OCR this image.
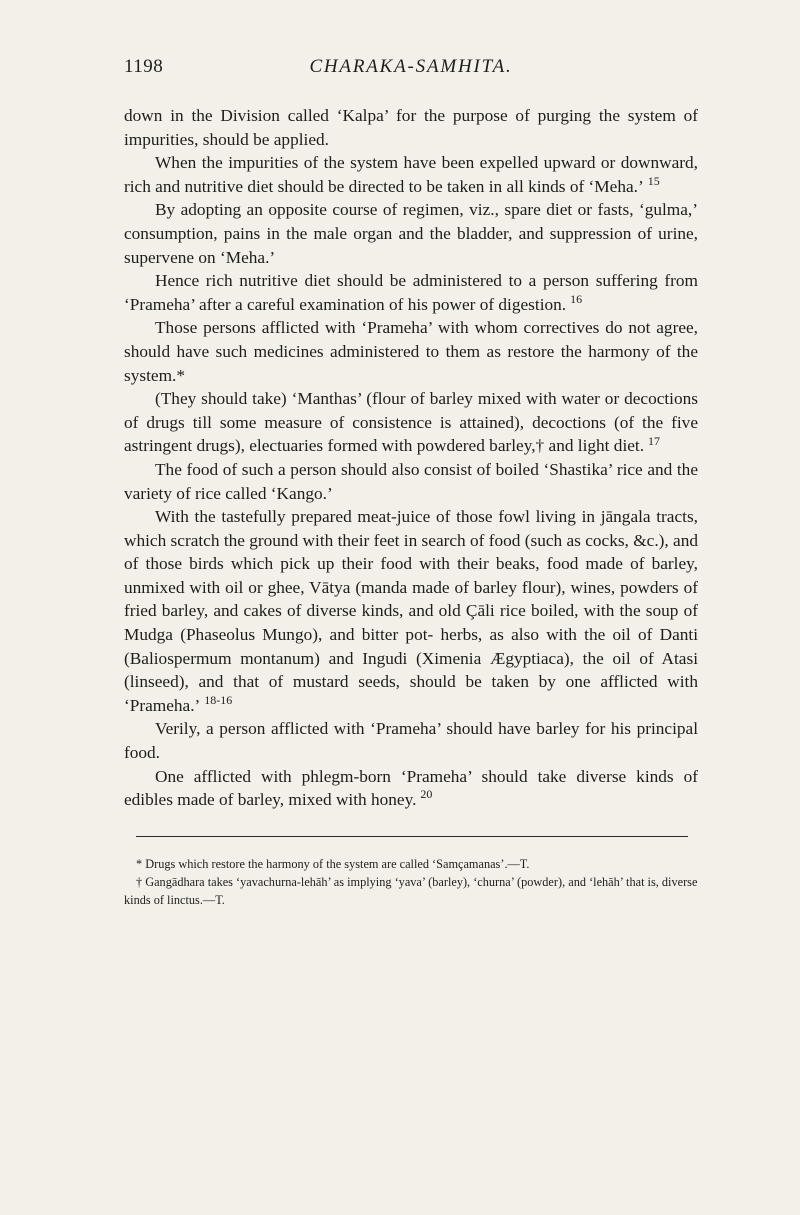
1198	CHARAKA-SAMHITA.

down in the Division called ‘Kalpa’ for the purpose of purging the system of impurities, should be applied.

When the impurities of the system have been expelled upward or downward, rich and nutritive diet should be directed to be taken in all kinds of ‘Meha.’ $^{15}$

By adopting an opposite course of regimen, viz., spare diet or fasts, ‘gulma,’ consumption, pains in the male organ and the bladder, and suppression of urine, supervene on ‘Meha.’

Hence rich nutritive diet should be administered to a person suffering from ‘Prameha’ after a careful examination of his power of digestion. $^{16}$

Those persons afflicted with ‘Prameha’ with whom correctives do not agree, should have such medicines administered to them as restore the harmony of the system.*

(They should take) ‘Manthas’ (flour of barley mixed with water or decoctions of drugs till some measure of consistence is attained), decoctions (of the five astringent drugs), electuaries formed with powdered barley,† and light diet. $^{17}$

The food of such a person should also consist of boiled ‘Shastika’ rice and the variety of rice called ‘Kango.’

With the tastefully prepared meat-juice of those fowl living in jāngala tracts, which scratch the ground with their feet in search of food (such as cocks, &c.), and of those birds which pick up their food with their beaks, food made of barley, unmixed with oil or ghee, Vātya (manda made of barley flour), wines, powders of fried barley, and cakes of diverse kinds, and old Çāli rice boiled, with the soup of Mudga (Phaseolus Mungo), and bitter pot- herbs, as also with the oil of Danti (Baliospermum montanum) and Ingudi (Ximenia Ægyptiaca), the oil of Atasi (linseed), and that of mustard seeds, should be taken by one afflicted with ‘Prameha.’ $^{18-16}$

Verily, a person afflicted with ‘Prameha’ should have barley for his principal food.

One afflicted with phlegm-born ‘Prameha’ should take diverse kinds of edibles made of barley, mixed with honey. $^{20}$

* Drugs which restore the harmony of the system are called ‘Samçamanas’.—T.

† Gangādhara takes ‘yavachurna-lehāh’ as implying ‘yava’ (barley), ‘churna’ (powder), and ‘lehāh’ that is, diverse kinds of linctus.—T.
